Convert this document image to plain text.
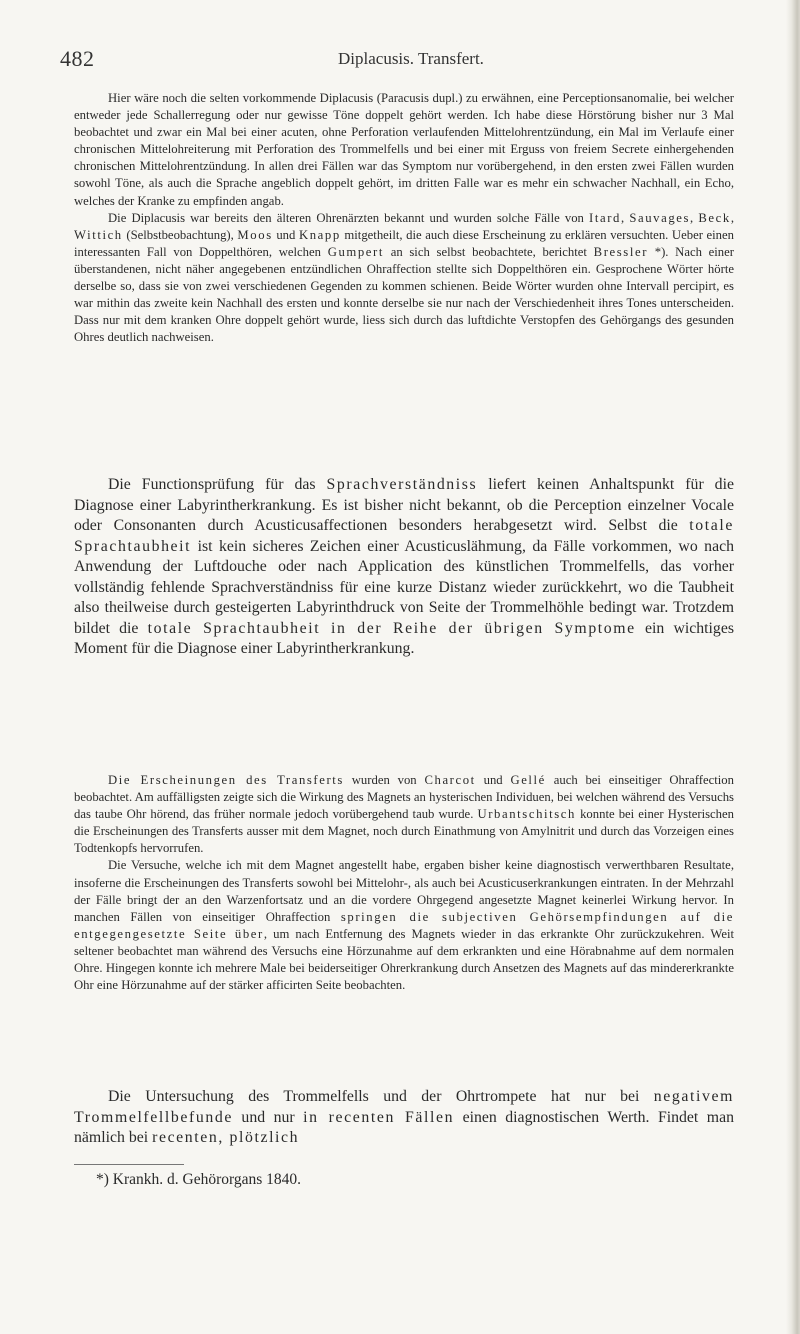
482	Diplacusis. Transfert.

Hier wäre noch die selten vorkommende Diplacusis (Paracusis dupl.) zu erwähnen, eine Perceptionsanomalie, bei welcher entweder jede Schallerregung oder nur gewisse Töne doppelt gehört werden. Ich habe diese Hörstörung bisher nur 3 Mal beobachtet und zwar ein Mal bei einer acuten, ohne Perforation verlaufenden Mittelohrentzündung, ein Mal im Verlaufe einer chronischen Mittelohreiterung mit Perforation des Trommelfells und bei einer mit Erguss von freiem Secrete einhergehenden chronischen Mittelohrentzündung. In allen drei Fällen war das Symptom nur vorübergehend, in den ersten zwei Fällen wurden sowohl Töne, als auch die Sprache angeblich doppelt gehört, im dritten Falle war es mehr ein schwacher Nachhall, ein Echo, welches der Kranke zu empfinden angab.

Die Diplacusis war bereits den älteren Ohrenärzten bekannt und wurden solche Fälle von Itard, Sauvages, Beck, Wittich (Selbstbeobachtung), Moos und Knapp mitgetheilt, die auch diese Erscheinung zu erklären versuchten. Ueber einen interessanten Fall von Doppelthören, welchen Gumpert an sich selbst beobachtete, berichtet Bressler *). Nach einer überstandenen, nicht näher angegebenen entzündlichen Ohraffection stellte sich Doppelthören ein. Gesprochene Wörter hörte derselbe so, dass sie von zwei verschiedenen Gegenden zu kommen schienen. Beide Wörter wurden ohne Intervall percipirt, es war mithin das zweite kein Nachhall des ersten und konnte derselbe sie nur nach der Verschiedenheit ihres Tones unterscheiden. Dass nur mit dem kranken Ohre doppelt gehört wurde, liess sich durch das luftdichte Verstopfen des Gehörgangs des gesunden Ohres deutlich nachweisen.

Die Functionsprüfung für das Sprachverständniss liefert keinen Anhaltspunkt für die Diagnose einer Labyrintherkrankung. Es ist bisher nicht bekannt, ob die Perception einzelner Vocale oder Consonanten durch Acusticusaffectionen besonders herabgesetzt wird. Selbst die totale Sprachtaubheit ist kein sicheres Zeichen einer Acusticuslähmung, da Fälle vorkommen, wo nach Anwendung der Luftdouche oder nach Application des künstlichen Trommelfells, das vorher vollständig fehlende Sprachverständniss für eine kurze Distanz wieder zurückkehrt, wo die Taubheit also theilweise durch gesteigerten Labyrinthdruck von Seite der Trommelhöhle bedingt war. Trotzdem bildet die totale Sprachtaubheit in der Reihe der übrigen Symptome ein wichtiges Moment für die Diagnose einer Labyrintherkrankung.

Die Erscheinungen des Transferts wurden von Charcot und Gellé auch bei einseitiger Ohraffection beobachtet. Am auffälligsten zeigte sich die Wirkung des Magnets an hysterischen Individuen, bei welchen während des Versuchs das taube Ohr hörend, das früher normale jedoch vorübergehend taub wurde. Urbantschitsch konnte bei einer Hysterischen die Erscheinungen des Transferts ausser mit dem Magnet, noch durch Einathmung von Amylnitrit und durch das Vorzeigen eines Todtenkopfs hervorrufen.

Die Versuche, welche ich mit dem Magnet angestellt habe, ergaben bisher keine diagnostisch verwerthbaren Resultate, insoferne die Erscheinungen des Transferts sowohl bei Mittelohr-, als auch bei Acusticuserkrankungen eintraten. In der Mehrzahl der Fälle bringt der an den Warzenfortsatz und an die vordere Ohrgegend angesetzte Magnet keinerlei Wirkung hervor. In manchen Fällen von einseitiger Ohraffection springen die subjectiven Gehörsempfindungen auf die entgegengesetzte Seite über, um nach Entfernung des Magnets wieder in das erkrankte Ohr zurückzukehren. Weit seltener beobachtet man während des Versuchs eine Hörzunahme auf dem erkrankten und eine Hörabnahme auf dem normalen Ohre. Hingegen konnte ich mehrere Male bei beiderseitiger Ohrerkrankung durch Ansetzen des Magnets auf das mindererkrankte Ohr eine Hörzunahme auf der stärker afficirten Seite beobachten.

Die Untersuchung des Trommelfells und der Ohrtrompete hat nur bei negativem Trommelfellbefunde und nur in recenten Fällen einen diagnostischen Werth. Findet man nämlich bei recenten, plötzlich

*) Krankh. d. Gehörorgans 1840.
